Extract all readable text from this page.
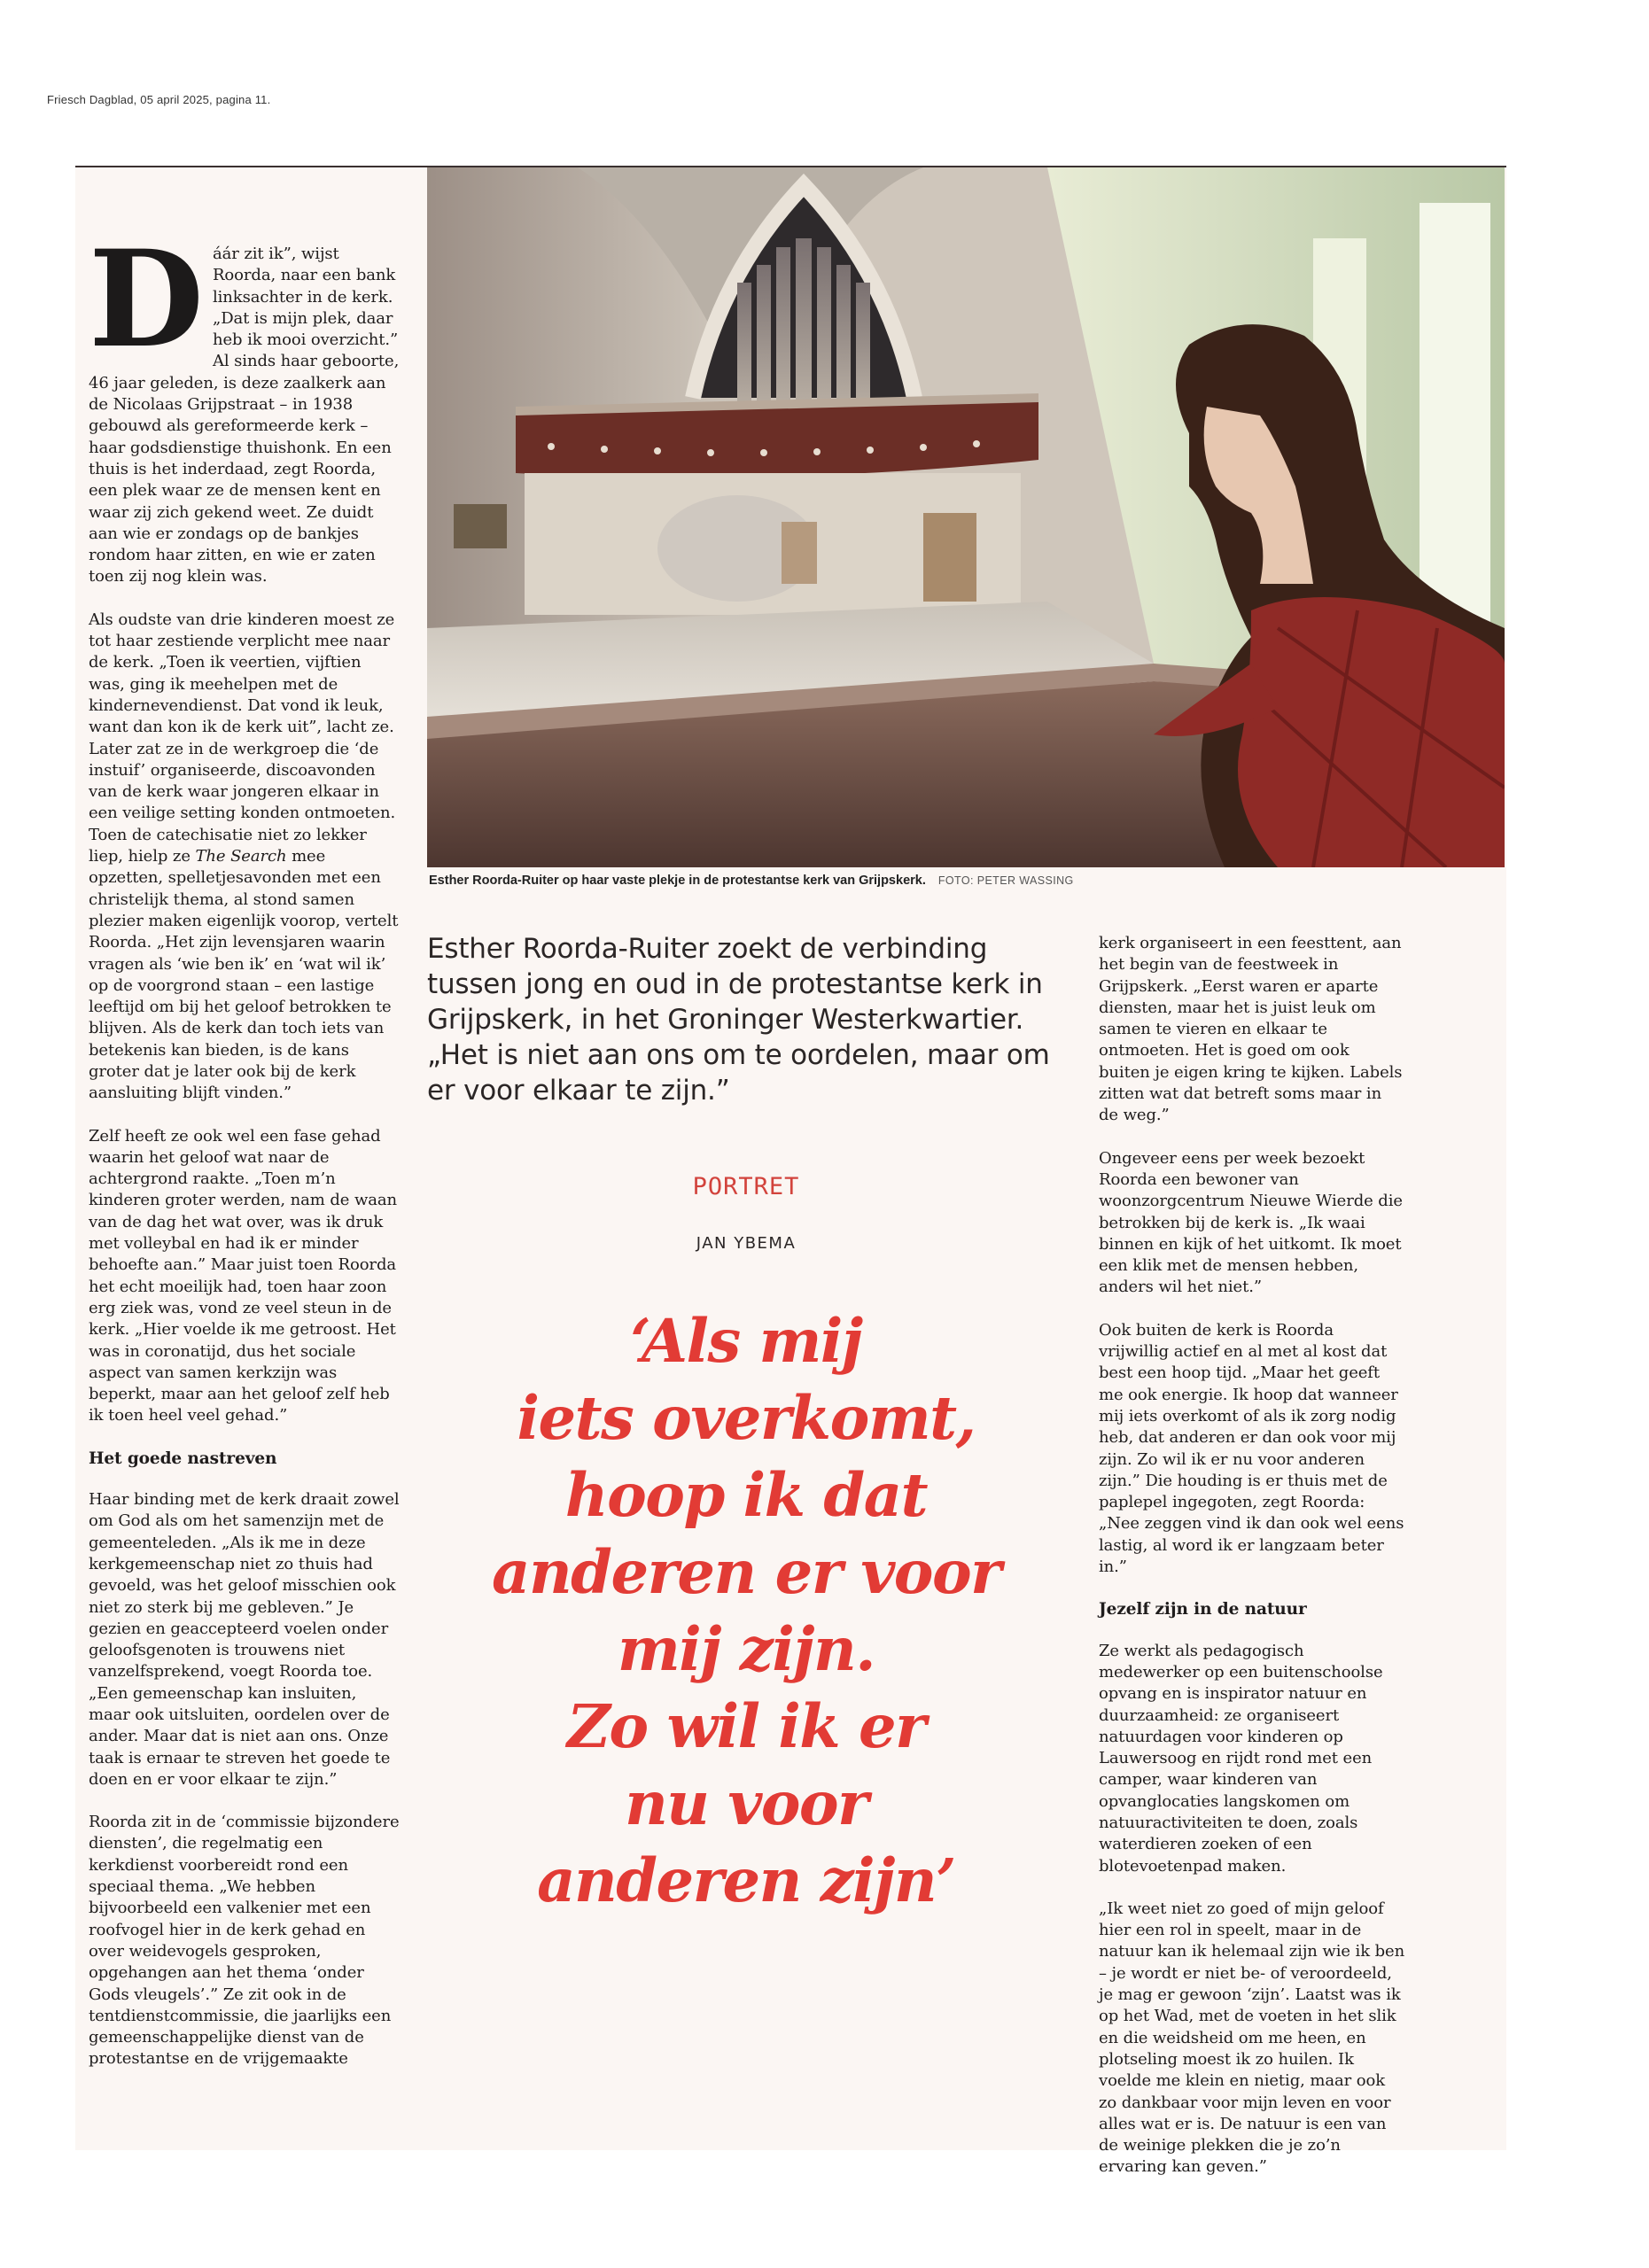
Friesch Dagblad, 05 april 2025, pagina 11.
Esther Roorda-Ruiter op haar vaste plekje in de protestantse kerk van Grijpskerk. FOTO: PETER WASSING

Dáár zit ik”, wijst Roorda, naar een bank linksachter in de kerk. „Dat is mijn plek, daar heb ik mooi overzicht.” Al sinds haar geboorte, 46 jaar geleden, is deze zaalkerk aan de Nicolaas Grijpstraat – in 1938 gebouwd als gereformeerde kerk – haar godsdienstige thuishonk. En een thuis is het inderdaad, zegt Roorda, een plek waar ze de mensen kent en waar zij zich gekend weet. Ze duidt aan wie er zondags op de bankjes rondom haar zitten, en wie er zaten toen zij nog klein was.

Als oudste van drie kinderen moest ze tot haar zestiende verplicht mee naar de kerk. „Toen ik veertien, vijftien was, ging ik meehelpen met de kindernevendienst. Dat vond ik leuk, want dan kon ik de kerk uit”, lacht ze. Later zat ze in de werkgroep die ‘de instuif’ organiseerde, discoavonden van de kerk waar jongeren elkaar in een veilige setting konden ontmoeten. Toen de catechisatie niet zo lekker liep, hielp ze The Search mee opzetten, spelletjesavonden met een christelijk thema, al stond samen plezier maken eigenlijk voorop, vertelt Roorda. „Het zijn levensjaren waarin vragen als ‘wie ben ik’ en ‘wat wil ik’ op de voorgrond staan – een lastige leeftijd om bij het geloof betrokken te blijven. Als de kerk dan toch iets van betekenis kan bieden, is de kans groter dat je later ook bij de kerk aansluiting blijft vinden.”

Zelf heeft ze ook wel een fase gehad waarin het geloof wat naar de achtergrond raakte. „Toen m’n kinderen groter werden, nam de waan van de dag het wat over, was ik druk met volleybal en had ik er minder behoefte aan.” Maar juist toen Roorda het echt moeilijk had, toen haar zoon erg ziek was, vond ze veel steun in de kerk. „Hier voelde ik me getroost. Het was in coronatijd, dus het sociale aspect van samen kerkzijn was beperkt, maar aan het geloof zelf heb ik toen heel veel gehad.”

Het goede nastreven

Haar binding met de kerk draait zowel om God als om het samenzijn met de gemeenteleden. „Als ik me in deze kerkgemeenschap niet zo thuis had gevoeld, was het geloof misschien ook niet zo sterk bij me gebleven.” Je gezien en geaccepteerd voelen onder geloofsgenoten is trouwens niet vanzelfsprekend, voegt Roorda toe. „Een gemeenschap kan insluiten, maar ook uitsluiten, oordelen over de ander. Maar dat is niet aan ons. Onze taak is ernaar te streven het goede te doen en er voor elkaar te zijn.”

Roorda zit in de ‘commissie bijzondere diensten’, die regelmatig een kerkdienst voorbereidt rond een speciaal thema. „We hebben bijvoorbeeld een valkenier met een roofvogel hier in de kerk gehad en over weidevogels gesproken, opgehangen aan het thema ‘onder Gods vleugels’.” Ze zit ook in de tentdienstcommissie, die jaarlijks een gemeenschappelijke dienst van de protestantse en de vrijgemaakte

Esther Roorda-Ruiter zoekt de verbinding tussen jong en oud in de protestantse kerk in Grijpskerk, in het Groninger Westerkwartier. „Het is niet aan ons om te oordelen, maar om er voor elkaar te zijn.”
PORTRET
JAN YBEMA
‘Als mij
iets overkomt,
hoop ik dat
anderen er voor
mij zijn.
Zo wil ik er
nu voor
anderen zijn’

kerk organiseert in een feesttent, aan het begin van de feestweek in Grijpskerk. „Eerst waren er aparte diensten, maar het is juist leuk om samen te vieren en elkaar te ontmoeten. Het is goed om ook buiten je eigen kring te kijken. Labels zitten wat dat betreft soms maar in de weg.”

Ongeveer eens per week bezoekt Roorda een bewoner van woonzorgcentrum Nieuwe Wierde die betrokken bij de kerk is. „Ik waai binnen en kijk of het uitkomt. Ik moet een klik met de mensen hebben, anders wil het niet.”

Ook buiten de kerk is Roorda vrijwillig actief en al met al kost dat best een hoop tijd. „Maar het geeft me ook energie. Ik hoop dat wanneer mij iets overkomt of als ik zorg nodig heb, dat anderen er dan ook voor mij zijn. Zo wil ik er nu voor anderen zijn.” Die houding is er thuis met de paplepel ingegoten, zegt Roorda: „Nee zeggen vind ik dan ook wel eens lastig, al word ik er langzaam beter in.”

Jezelf zijn in de natuur

Ze werkt als pedagogisch medewerker op een buitenschoolse opvang en is inspirator natuur en duurzaamheid: ze organiseert natuurdagen voor kinderen op Lauwersoog en rijdt rond met een camper, waar kinderen van opvanglocaties langskomen om natuuractiviteiten te doen, zoals waterdieren zoeken of een blotevoetenpad maken.

„Ik weet niet zo goed of mijn geloof hier een rol in speelt, maar in de natuur kan ik helemaal zijn wie ik ben – je wordt er niet be- of veroordeeld, je mag er gewoon ‘zijn’. Laatst was ik op het Wad, met de voeten in het slik en die weidsheid om me heen, en plotseling moest ik zo huilen. Ik voelde me klein en nietig, maar ook zo dankbaar voor mijn leven en voor alles wat er is. De natuur is een van de weinige plekken die je zo’n ervaring kan geven.”
